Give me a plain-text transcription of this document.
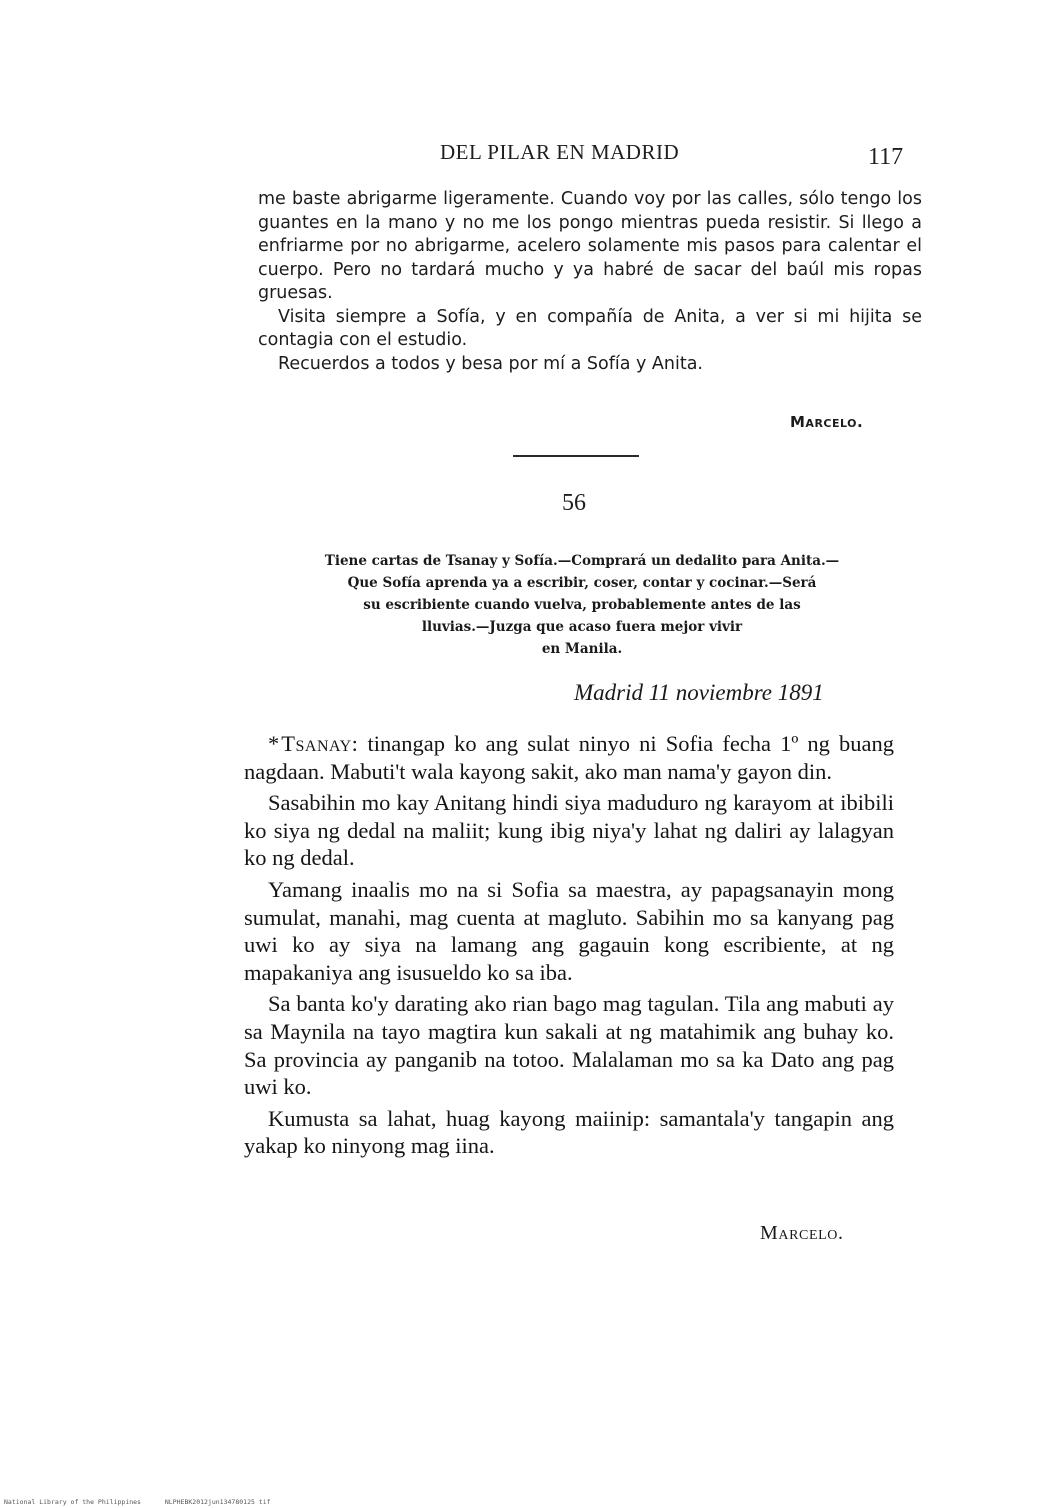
DEL PILAR EN MADRID	117

me baste abrigarme ligeramente. Cuando voy por las calles, sólo tengo los guantes en la mano y no me los pongo mientras pueda resistir. Si llego a enfriarme por no abrigarme, acelero solamente mis pasos para calentar el cuerpo. Pero no tardará mucho y ya habré de sacar del baúl mis ropas gruesas.

Visita siempre a Sofía, y en compañía de Anita, a ver si mi hijita se contagia con el estudio.

Recuerdos a todos y besa por mí a Sofía y Anita.

Marcelo.
56
Tiene cartas de Tsanay y Sofía.—Comprará un dedalito para Anita.—
Que Sofía aprenda ya a escribir, coser, contar y cocinar.—Será
su escribiente cuando vuelva, probablemente antes de las
lluvias.—Juzga que acaso fuera mejor vivir
en Manila.
Madrid 11 noviembre 1891

*Tsanay: tinangap ko ang sulat ninyo ni Sofia fecha 1º ng buang nagdaan. Mabuti't wala kayong sakit, ako man nama'y gayon din.

Sasabihin mo kay Anitang hindi siya maduduro ng karayom at ibibili ko siya ng dedal na maliit; kung ibig niya'y lahat ng daliri ay lalagyan ko ng dedal.

Yamang inaalis mo na si Sofia sa maestra, ay papagsanayin mong sumulat, manahi, mag cuenta at magluto. Sabihin mo sa kanyang pag uwi ko ay siya na lamang ang gagauin kong escribiente, at ng mapakaniya ang isusueldo ko sa iba.

Sa banta ko'y darating ako rian bago mag tagulan. Tila ang mabuti ay sa Maynila na tayo magtira kun sakali at ng matahimik ang buhay ko. Sa provincia ay panganib na totoo. Malalaman mo sa ka Dato ang pag uwi ko.

Kumusta sa lahat, huag kayong maiinip: samantala'y tangapin ang yakap ko ninyong mag iina.

Marcelo.
National Library of the Philippines	NLPHEBK2012jun134780125 tif
